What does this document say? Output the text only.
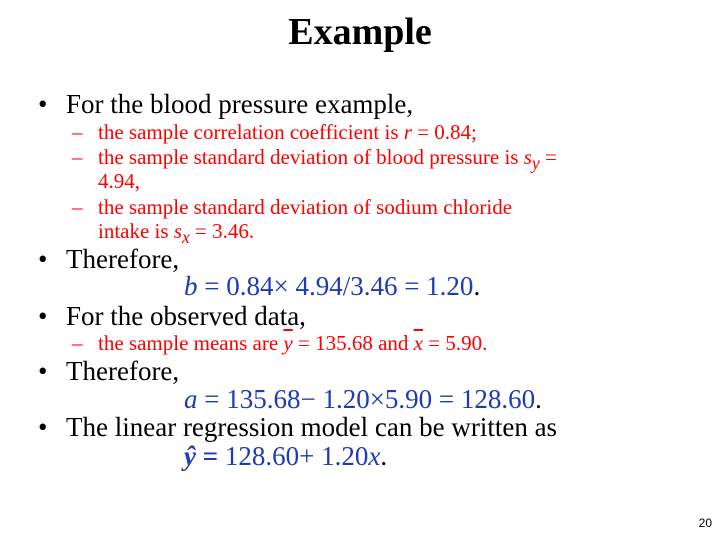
Example
• For the blood pressure example,
– the sample correlation coefficient is r = 0.84;
– the sample standard deviation of blood pressure is $s_y$ =
4.94,
– the sample standard deviation of sodium chloride
intake is $s_x = 3.46$.
• Therefore,
b = 0.84× 4.94/3.46 = 1.20.
• For the observed data,
– the sample means are $\overline{y} = 135.68$ and $\overline{x} = 5.90$.
• Therefore,
a = 135.68− 1.20×5.90 = 128.60.
• The linear regression model can be written as
ŷ = 128.60+ 1.20x.
20
